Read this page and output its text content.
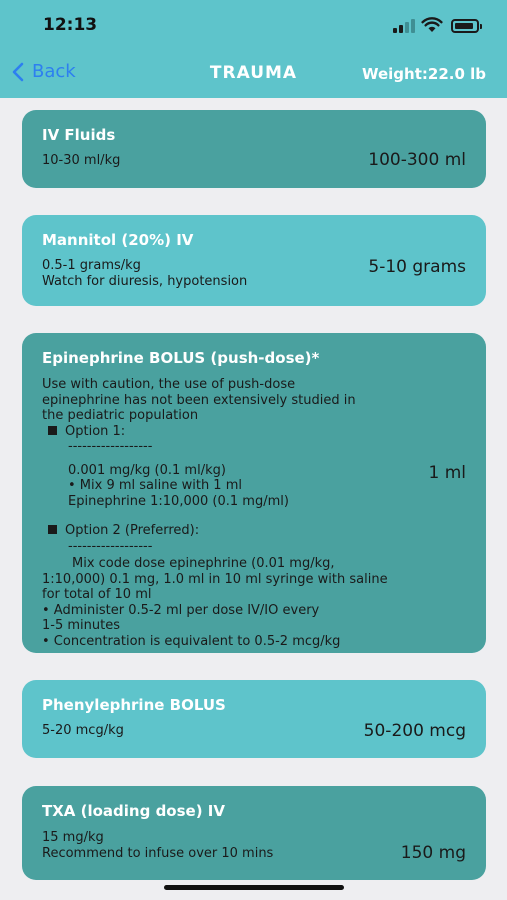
12:13
Back	TRAUMA	Weight:22.0 lb
IV Fluids
10-30 ml/kg	100-300 ml
Mannitol (20%) IV
0.5-1 grams/kg
Watch for diuresis, hypotension
5-10 grams
Epinephrine BOLUS (push-dose)*
Use with caution, the use of push-dose
epinephrine has not been extensively studied in
the pediatric population
Option 1:
------------------
0.001 mg/kg (0.1 ml/kg)
• Mix 9 ml saline with 1 ml
Epinephrine 1:10,000 (0.1 mg/ml)
Option 2 (Preferred):
------------------
Mix code dose epinephrine (0.01 mg/kg,
1:10,000) 0.1 mg, 1.0 ml in 10 ml syringe with saline
for total of 10 ml
• Administer 0.5-2 ml per dose IV/IO every
1-5 minutes
• Concentration is equivalent to 0.5-2 mcg/kg
1 ml
Phenylephrine BOLUS
5-20 mcg/kg	50-200 mcg
TXA (loading dose) IV
15 mg/kg
Recommend to infuse over 10 mins	150 mg
